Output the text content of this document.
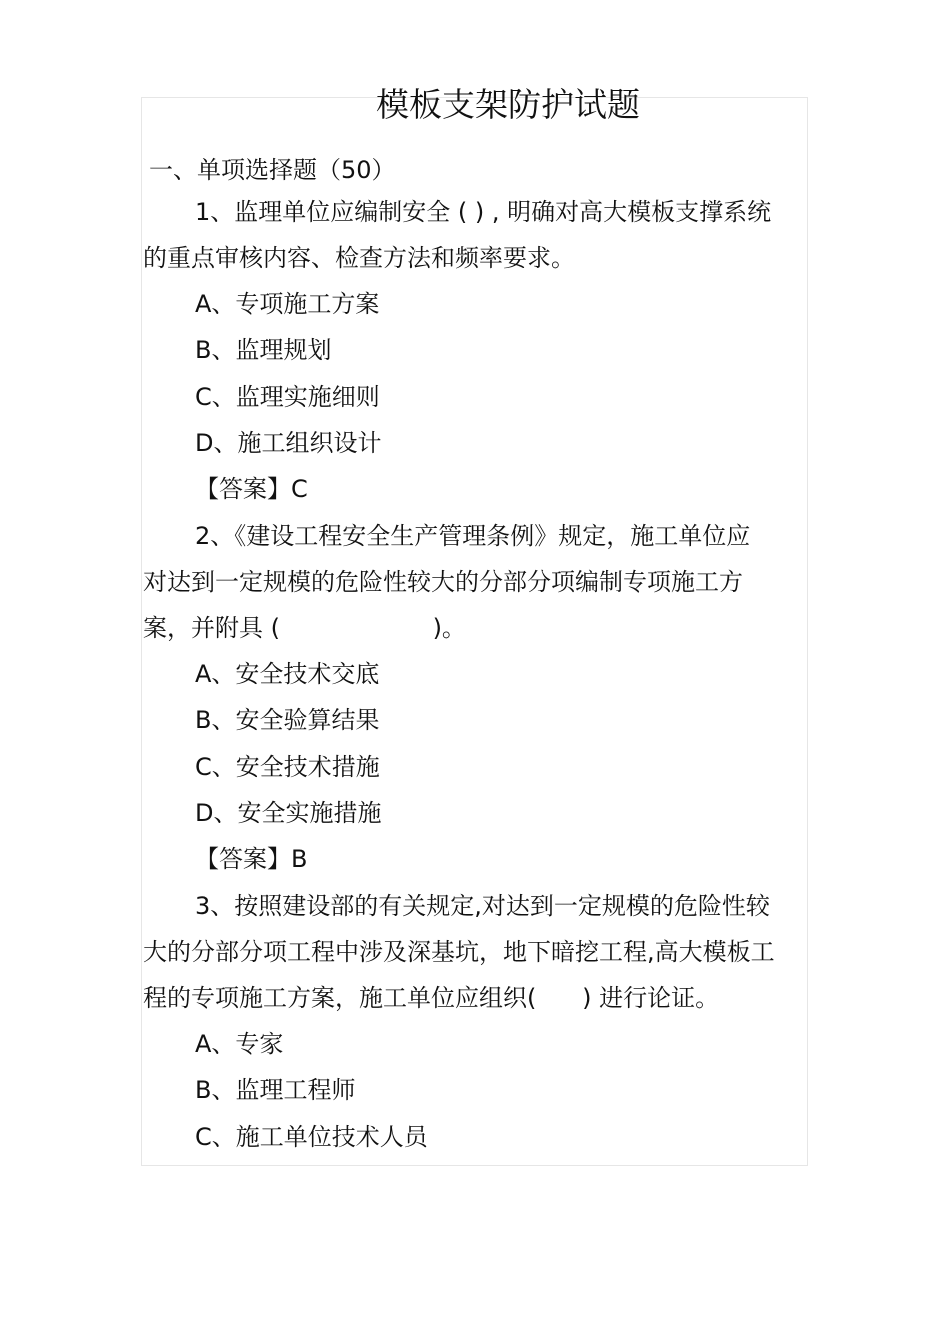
模板支架防护试题
一、单项选择题（50）
1、监理单位应编制安全 ( ) , 明确对高大模板支撑系统
的重点审核内容、检查方法和频率要求。
A、专项施工方案
B、监理规划
C、监理实施细则
D、施工组织设计
【答案】C
2、《建设工程安全生产管理条例》规定，施工单位应
对达到一定规模的危险性较大的分部分项编制专项施工方
案，并附具 (                    )。
A、安全技术交底
B、安全验算结果
C、安全技术措施
D、安全实施措施
【答案】B
3、按照建设部的有关规定,对达到一定规模的危险性较
大的分部分项工程中涉及深基坑，地下暗挖工程,高大模板工
程的专项施工方案，施工单位应组织(      ) 进行论证。
A、专家
B、监理工程师
C、施工单位技术人员
